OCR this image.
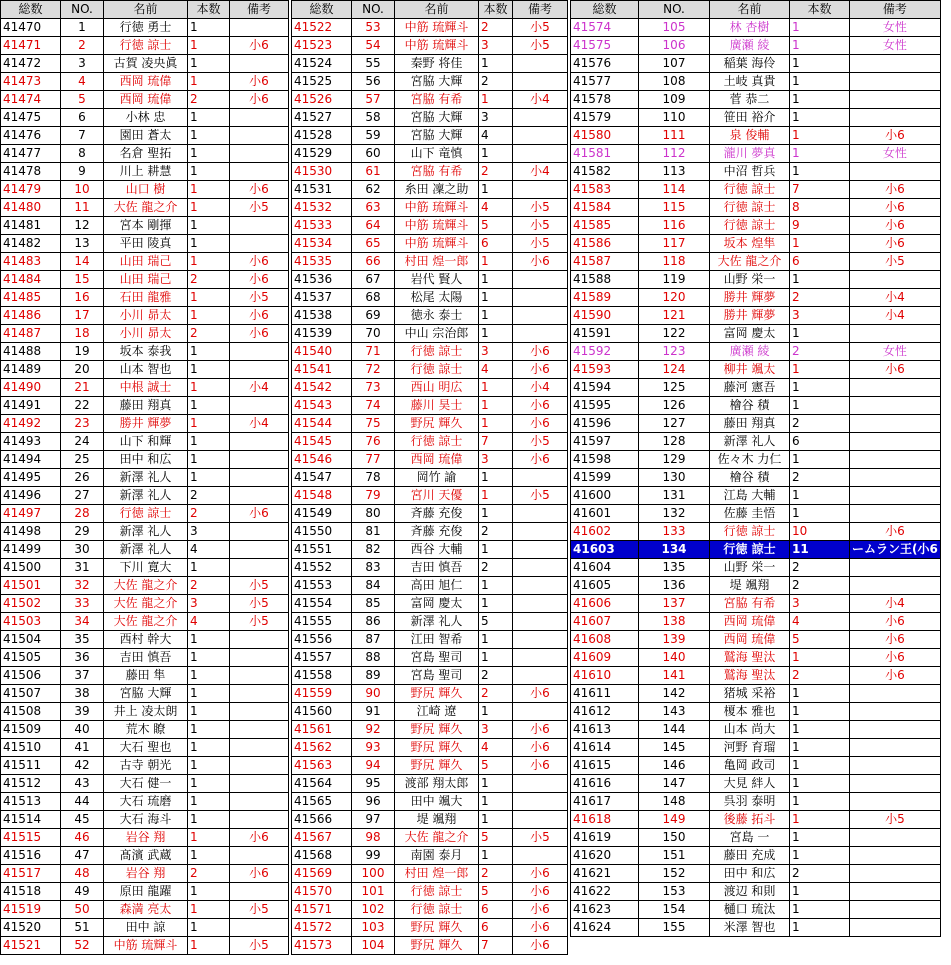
総数	NO.	名前	本数	備考
41470	1	行徳 勇士	1	
41471	2	行徳 諒士	1	小6
41472	3	古賀 凌央眞	1	
41473	4	西岡 琉偉	1	小6
41474	5	西岡 琉偉	2	小6
41475	6	小林 忠	1	
41476	7	園田 蒼太	1	
41477	8	名倉 聖拓	1	
41478	9	川上 耕慧	1	
41479	10	山口 樹	1	小6
41480	11	大佐 龍之介	1	小5
41481	12	宮本 剛揮	1	
41482	13	平田 陵真	1	
41483	14	山田 瑞己	1	小6
41484	15	山田 瑞己	2	小6
41485	16	石田 龍雅	1	小5
41486	17	小川 昴太	1	小6
41487	18	小川 昴太	2	小6
41488	19	坂本 泰我	1	
41489	20	山本 智也	1	
41490	21	中根 誠士	1	小4
41491	22	藤田 翔真	1	
41492	23	勝井 輝夢	1	小4
41493	24	山下 和輝	1	
41494	25	田中 和広	1	
41495	26	新澤 礼人	1	
41496	27	新澤 礼人	2	
41497	28	行徳 諒士	2	小6
41498	29	新澤 礼人	3	
41499	30	新澤 礼人	4	
41500	31	下川 寛大	1	
41501	32	大佐 龍之介	2	小5
41502	33	大佐 龍之介	3	小5
41503	34	大佐 龍之介	4	小5
41504	35	西村 幹大	1	
41505	36	吉田 慎吾	1	
41506	37	藤田 隼	1	
41507	38	宮脇 大輝	1	
41508	39	井上 凌太朗	1	
41509	40	荒木 瞭	1	
41510	41	大石 聖也	1	
41511	42	古寺 朝光	1	
41512	43	大石 健一	1	
41513	44	大石 琉磨	1	
41514	45	大石 海斗	1	
41515	46	岩谷 翔	1	小6
41516	47	髙濱 武蔵	1	
41517	48	岩谷 翔	2	小6
41518	49	原田 龍躍	1	
41519	50	森満 亮太	1	小5
41520	51	田中 諒	1	
41521	52	中筋 琉輝斗	1	小5
総数	NO.	名前	本数	備考
41522	53	中筋 琉輝斗	2	小5
41523	54	中筋 琉輝斗	3	小5
41524	55	秦野 将佳	1	
41525	56	宮脇 大輝	2	
41526	57	宮脇 有希	1	小4
41527	58	宮脇 大輝	3	
41528	59	宮脇 大輝	4	
41529	60	山下 竜慎	1	
41530	61	宮脇 有希	2	小4
41531	62	糸田 凜之助	1	
41532	63	中筋 琉輝斗	4	小5
41533	64	中筋 琉輝斗	5	小5
41534	65	中筋 琉輝斗	6	小5
41535	66	村田 煌一郎	1	小6
41536	67	岩代 賢人	1	
41537	68	松尾 太陽	1	
41538	69	徳永 泰士	1	
41539	70	中山 宗治郎	1	
41540	71	行徳 諒士	3	小6
41541	72	行徳 諒士	4	小6
41542	73	西山 明広	1	小4
41543	74	藤川 昊士	1	小6
41544	75	野尻 輝久	1	小6
41545	76	行徳 諒士	7	小5
41546	77	西岡 琉偉	3	小6
41547	78	岡竹 諭	1	
41548	79	宮川 天優	1	小5
41549	80	斉藤 充俊	1	
41550	81	斉藤 充俊	2	
41551	82	西谷 大輔	1	
41552	83	吉田 慎吾	2	
41553	84	高田 旭仁	1	
41554	85	富岡 慶太	1	
41555	86	新澤 礼人	5	
41556	87	江田 智希	1	
41557	88	宮島 聖司	1	
41558	89	宮島 聖司	2	
41559	90	野尻 輝久	2	小6
41560	91	江崎 遼	1	
41561	92	野尻 輝久	3	小6
41562	93	野尻 輝久	4	小6
41563	94	野尻 輝久	5	小6
41564	95	渡部 翔太郎	1	
41565	96	田中 颯大	1	
41566	97	堤 颯翔	1	
41567	98	大佐 龍之介	5	小5
41568	99	南園 泰月	1	
41569	100	村田 煌一郎	2	小6
41570	101	行徳 諒士	5	小6
41571	102	行徳 諒士	6	小6
41572	103	野尻 輝久	6	小6
41573	104	野尻 輝久	7	小6
総数	NO.	名前	本数	備考
41574	105	林 杏樹	1	女性
41575	106	廣瀬 綾	1	女性
41576	107	稲葉 海伶	1	
41577	108	土岐 真貴	1	
41578	109	菅 恭二	1	
41579	110	笹田 裕介	1	
41580	111	泉 俊輔	1	小6
41581	112	瀧川 夢真	1	女性
41582	113	中沼 哲兵	1	
41583	114	行徳 諒士	7	小6
41584	115	行徳 諒士	8	小6
41585	116	行徳 諒士	9	小6
41586	117	坂本 煌隼	1	小6
41587	118	大佐 龍之介	6	小5
41588	119	山野 栄一	1	
41589	120	勝井 輝夢	2	小4
41590	121	勝井 輝夢	3	小4
41591	122	富岡 慶太	1	
41592	123	廣瀬 綾	2	女性
41593	124	柳井 颯太	1	小6
41594	125	藤河 憲吾	1	
41595	126	檜谷 積	1	
41596	127	藤田 翔真	2	
41597	128	新澤 礼人	6	
41598	129	佐々木 力仁	1	
41599	130	檜谷 積	2	
41600	131	江島 大輔	1	
41601	132	佐藤 圭悟	1	
41602	133	行徳 諒士	10	小6
41603	134	行徳 諒士	11	ームラン王(小6
41604	135	山野 栄一	2	
41605	136	堤 颯翔	2	
41606	137	宮脇 有希	3	小4
41607	138	西岡 琉偉	4	小6
41608	139	西岡 琉偉	5	小6
41609	140	鷲海 聖汰	1	小6
41610	141	鷲海 聖汰	2	小6
41611	142	猪城 采裕	1	
41612	143	榎本 雅也	1	
41613	144	山本 尚大	1	
41614	145	河野 育瑠	1	
41615	146	亀岡 政司	1	
41616	147	大見 絆人	1	
41617	148	呉羽 泰明	1	
41618	149	後藤 拓斗	1	小5
41619	150	宮島 一	1	
41620	151	藤田 充成	1	
41621	152	田中 和広	2	
41622	153	渡辺 和則	1	
41623	154	樋口 琉汰	1	
41624	155	米澤 智也	1	
